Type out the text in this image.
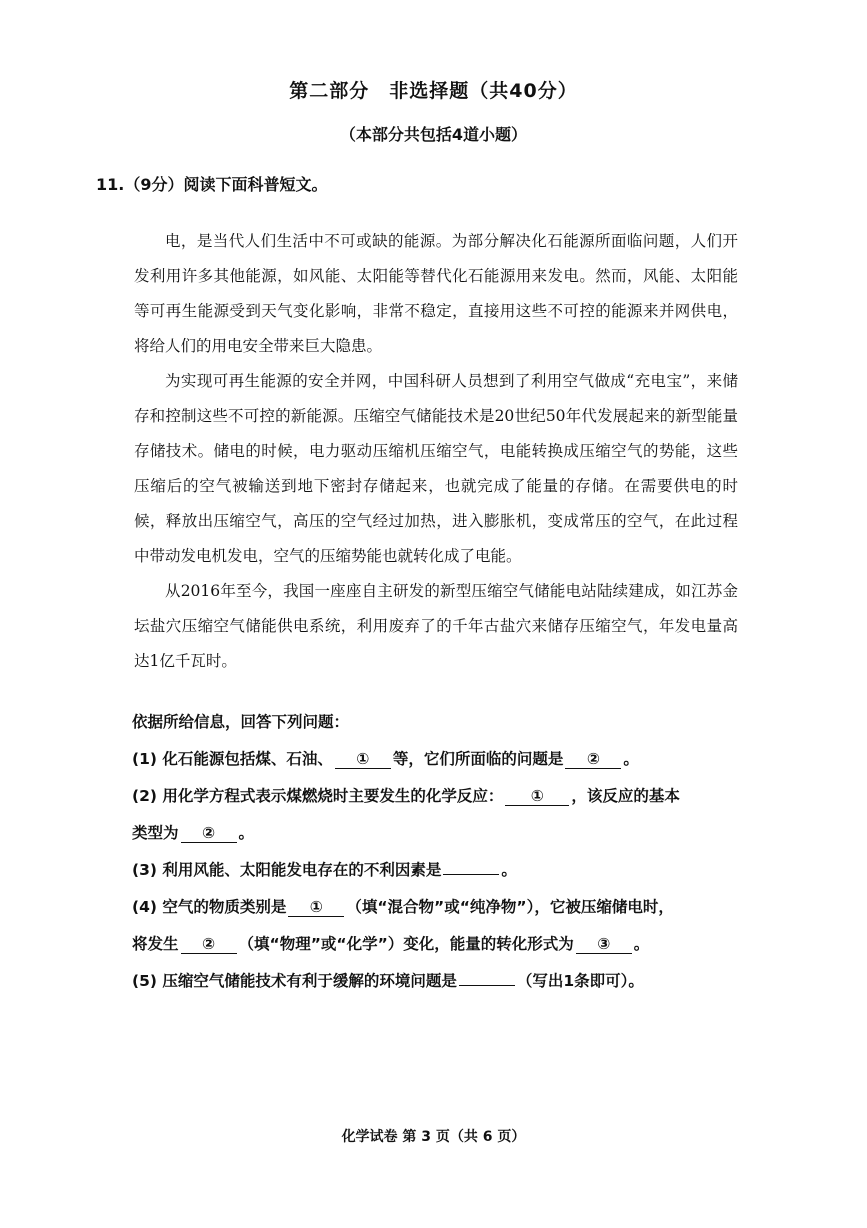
第二部分　非选择题（共40分）
（本部分共包括4道小题）
11.（9分）阅读下面科普短文。

电，是当代人们生活中不可或缺的能源。为部分解决化石能源所面临问题，人们开发利用许多其他能源，如风能、太阳能等替代化石能源用来发电。然而，风能、太阳能等可再生能源受到天气变化影响，非常不稳定，直接用这些不可控的能源来并网供电，将给人们的用电安全带来巨大隐患。

为实现可再生能源的安全并网，中国科研人员想到了利用空气做成“充电宝”，来储存和控制这些不可控的新能源。压缩空气储能技术是20世纪50年代发展起来的新型能量存储技术。储电的时候，电力驱动压缩机压缩空气，电能转换成压缩空气的势能，这些压缩后的空气被输送到地下密封存储起来，也就完成了能量的存储。在需要供电的时候，释放出压缩空气，高压的空气经过加热，进入膨胀机，变成常压的空气，在此过程中带动发电机发电，空气的压缩势能也就转化成了电能。

从2016年至今，我国一座座自主研发的新型压缩空气储能电站陆续建成，如江苏金坛盐穴压缩空气储能供电系统，利用废弃了的千年古盐穴来储存压缩空气，年发电量高达1亿千瓦时。

依据所给信息，回答下列问题：
(1) 化石能源包括煤、石油、 ① 等，它们所面临的问题是 ② 。
(2) 用化学方程式表示煤燃烧时主要发生的化学反应： ① ，该反应的基本
类型为 ② 。
(3) 利用风能、太阳能发电存在的不利因素是	。
(4) 空气的物质类别是 ① （填“混合物”或“纯净物”），它被压缩储电时，
将发生 ② （填“物理”或“化学”）变化，能量的转化形式为 ③ 。
(5) 压缩空气储能技术有利于缓解的环境问题是	（写出1条即可）。
化学试卷 第 3 页（共 6 页）
